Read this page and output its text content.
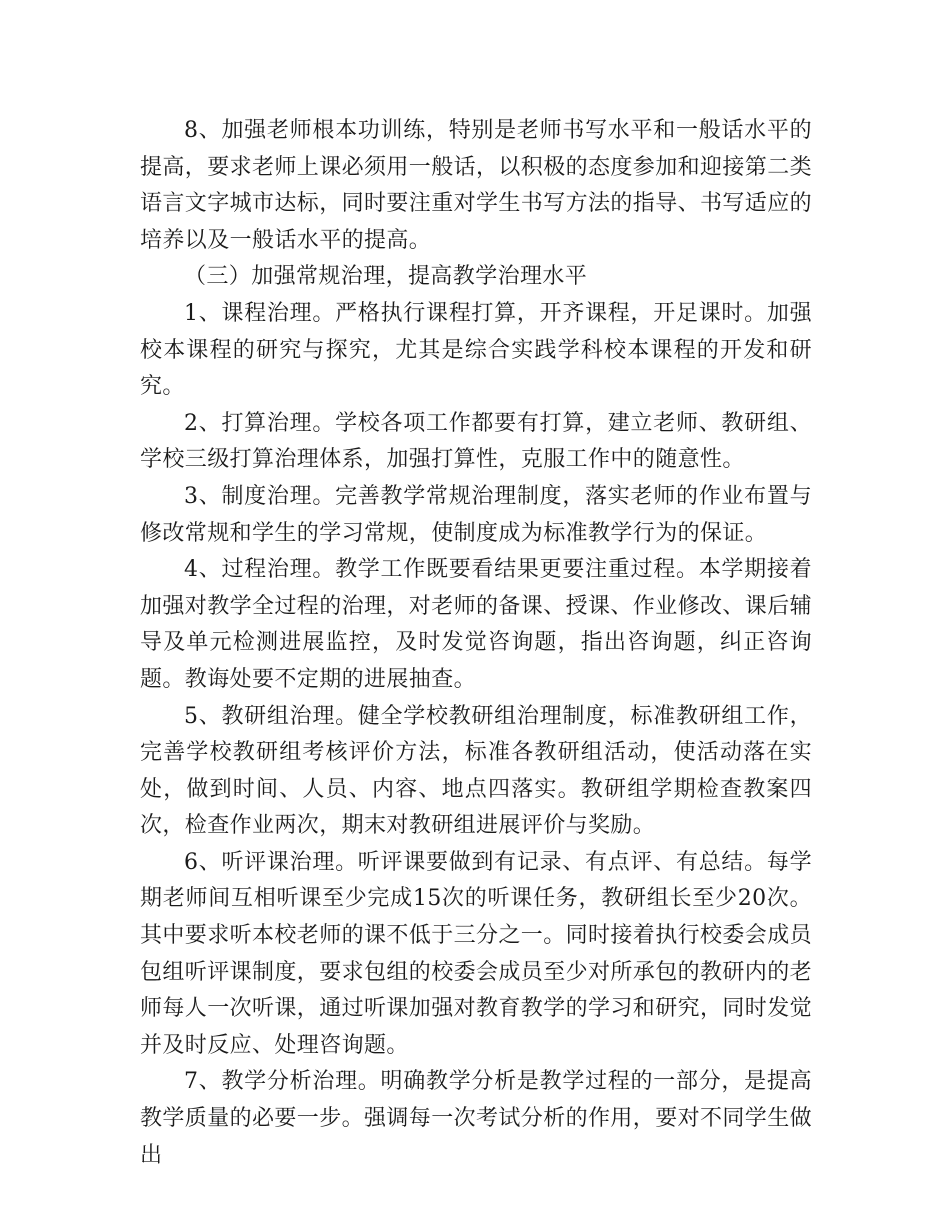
8、加强老师根本功训练，特别是老师书写水平和一般话水平的提高，要求老师上课必须用一般话，以积极的态度参加和迎接第二类语言文字城市达标，同时要注重对学生书写方法的指导、书写适应的培养以及一般话水平的提高。

（三）加强常规治理，提高教学治理水平

1、课程治理。严格执行课程打算，开齐课程，开足课时。加强校本课程的研究与探究，尤其是综合实践学科校本课程的开发和研究。

2、打算治理。学校各项工作都要有打算，建立老师、教研组、学校三级打算治理体系，加强打算性，克服工作中的随意性。

3、制度治理。完善教学常规治理制度，落实老师的作业布置与修改常规和学生的学习常规，使制度成为标准教学行为的保证。

4、过程治理。教学工作既要看结果更要注重过程。本学期接着加强对教学全过程的治理，对老师的备课、授课、作业修改、课后辅导及单元检测进展监控，及时发觉咨询题，指出咨询题，纠正咨询题。教诲处要不定期的进展抽查。

5、教研组治理。健全学校教研组治理制度，标准教研组工作，完善学校教研组考核评价方法，标准各教研组活动，使活动落在实处，做到时间、人员、内容、地点四落实。教研组学期检查教案四次，检查作业两次，期末对教研组进展评价与奖励。

6、听评课治理。听评课要做到有记录、有点评、有总结。每学期老师间互相听课至少完成15次的听课任务，教研组长至少20次。其中要求听本校老师的课不低于三分之一。同时接着执行校委会成员包组听评课制度，要求包组的校委会成员至少对所承包的教研内的老师每人一次听课，通过听课加强对教育教学的学习和研究，同时发觉并及时反应、处理咨询题。

7、教学分析治理。明确教学分析是教学过程的一部分，是提高教学质量的必要一步。强调每一次考试分析的作用，要对不同学生做出
